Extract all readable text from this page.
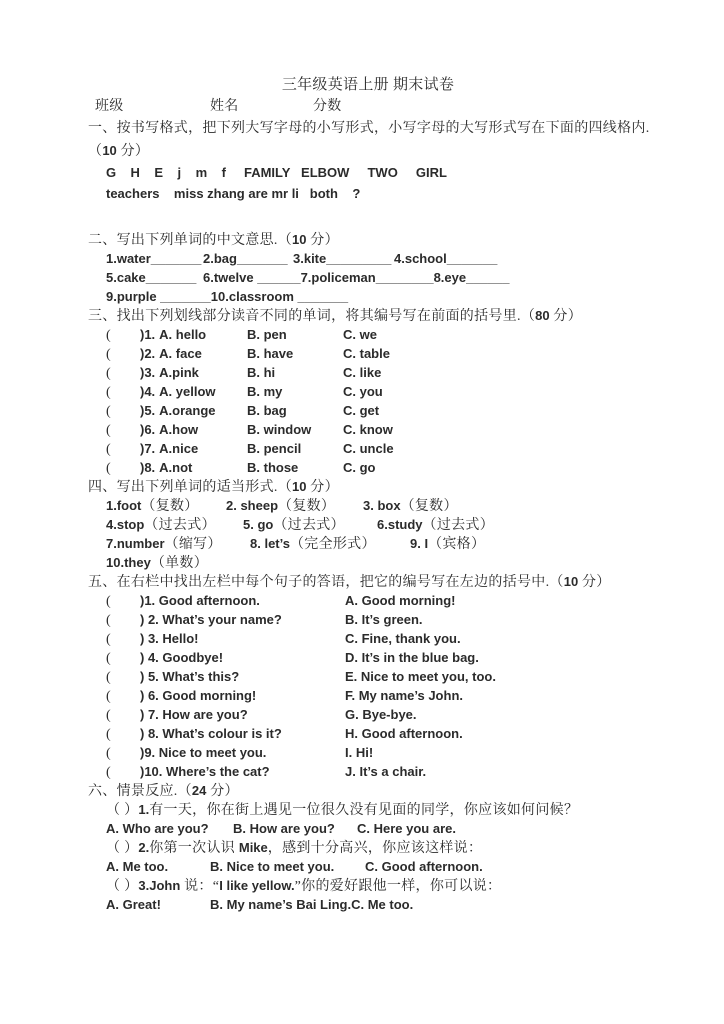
三年级英语上册 期末试卷
班级	姓名	分数
一、按书写格式，把下列大写字母的小写形式，小写字母的大写形式写在下面的四线格内.
（10 分）
G    H    E    j    m    f     FAMILY   ELBOW     TWO     GIRL
teachers    miss zhang are mr li   both    ?
二、写出下列单词的中文意思.（10 分）
1.water_______ 2.bag_______ 3.kite_________ 4.school_______
5.cake_______ 6.twelve ______ 7.policeman________ 8.eye______
9.purple _______ 10.classroom _______
三、找出下列划线部分读音不同的单词，将其编号写在前面的括号里.（80 分）
(	)1. A. hello	B. pen	C. we
(	)2. A. face	B. have	C. table
(	)3. A.pink	B. hi	C. like
(	)4. A. yellow	B. my	C. you
(	)5. A.orange	B. bag	C. get
(	)6. A.how	B. window	C. know
(	)7. A.nice	B. pencil	C. uncle
(	)8. A.not	B. those	C. go
四、写出下列单词的适当形式.（10 分）
1.foot（复数）	2. sheep（复数）	3. box（复数）
4.stop（过去式）	5. go（过去式）	6.study（过去式）
7.number（缩写）	8. let’s（完全形式）	9. I（宾格）
10.they（单数）
五、在右栏中找出左栏中每个句子的答语，把它的编号写在左边的括号中.（10 分）
(	)1. Good afternoon.	A. Good morning!
(	) 2. What’s your name?	B. It’s green.
(	) 3. Hello!	C. Fine, thank you.
(	) 4. Goodbye!	D. It’s in the blue bag.
(	) 5. What’s this?	E. Nice to meet you, too.
(	) 6. Good morning!	F. My name’s John.
(	) 7. How are you?	G. Bye-bye.
(	) 8. What’s colour is it?	H. Good afternoon.
(	)9. Nice to meet you.	I. Hi!
(	)10. Where’s the cat?	J. It’s a chair.
六、情景反应.（24 分）
（ ）1.有一天，你在街上遇见一位很久没有见面的同学，你应该如何问候？
A. Who are you?	B. How are you?	C. Here you are.
（ ）2.你第一次认识 Mike，感到十分高兴，你应该这样说：
A. Me too.	B. Nice to meet you.	C. Good afternoon.
（ ）3.John 说：“I like yellow.”你的爱好跟他一样，你可以说：
A. Great!	B. My name’s Bai Ling. C. Me too.
